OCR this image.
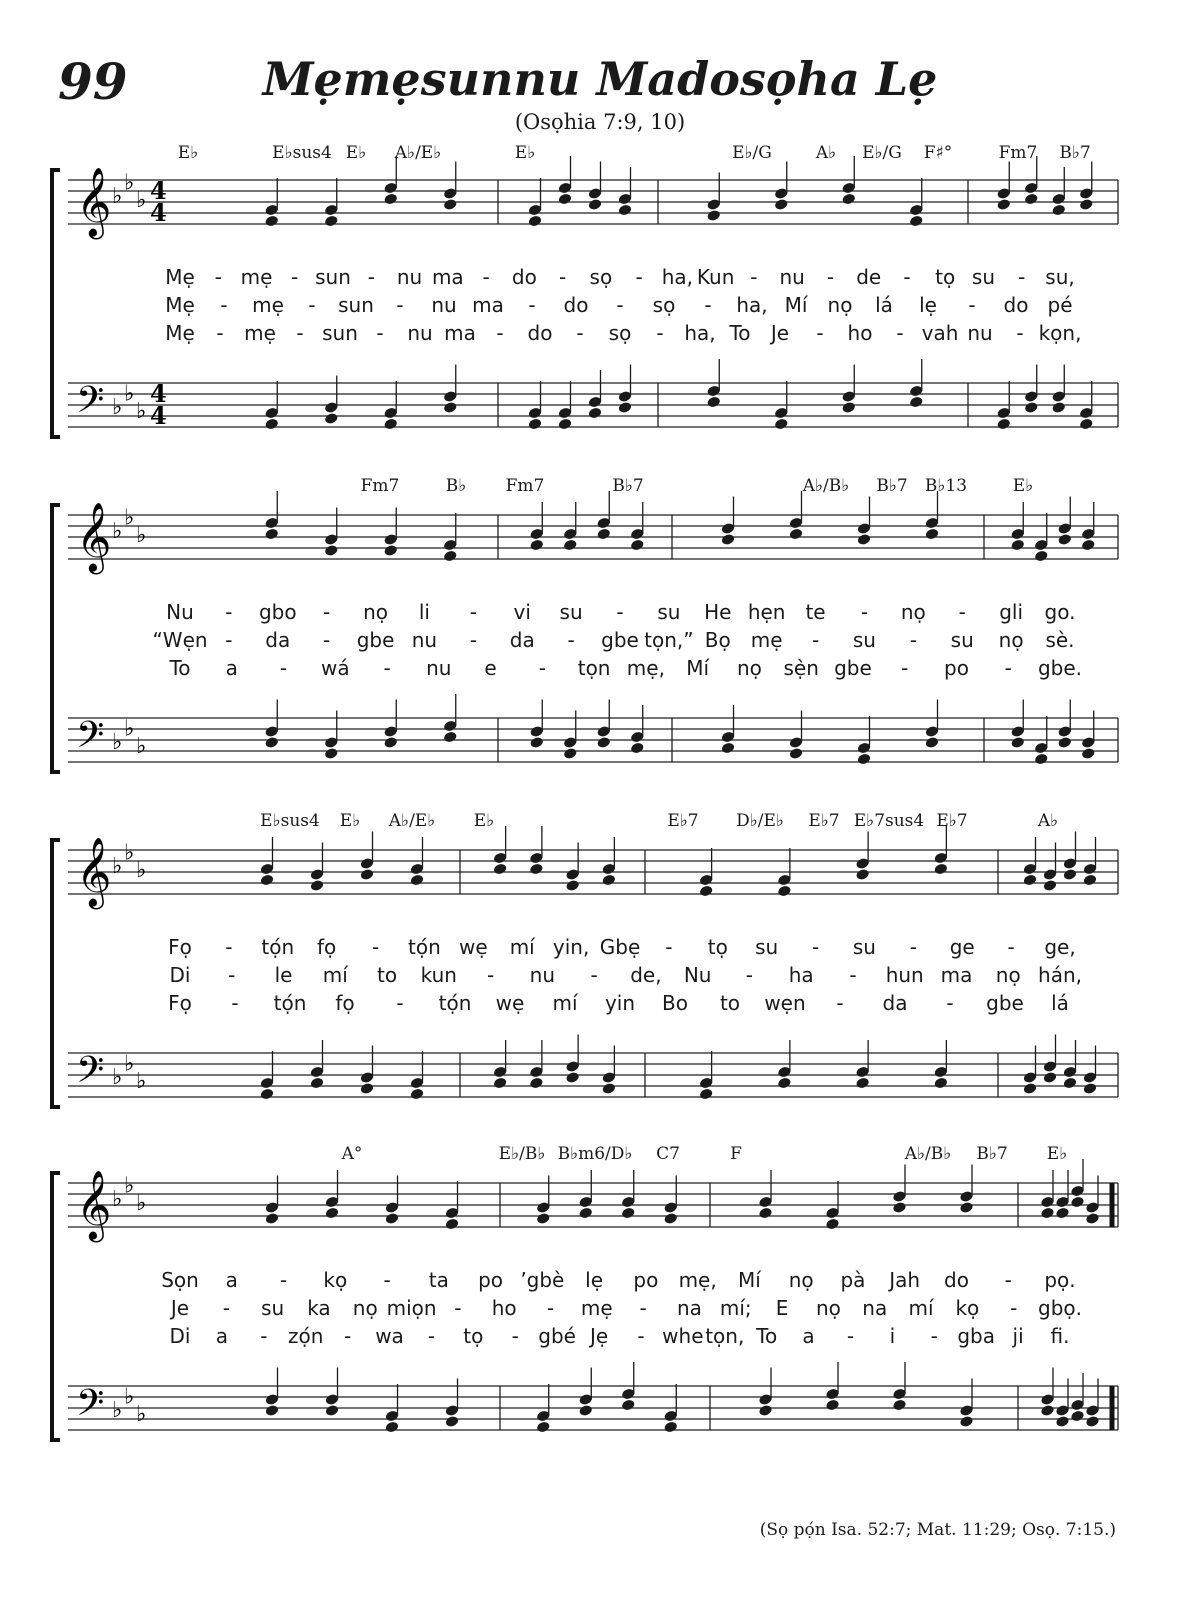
99	Mẹmẹsunnu Madosọha Lẹ
(Osọhia 7:9, 10)
E♭	E♭sus4 E♭ A♭/E♭	E♭	E♭/G	A♭ E♭/G F♯°	Fm7 B♭7
𝄞
𝄢
♭
♭
♭
♭
♭
♭
4
4
4
4
Mẹ - mẹ - sun - nu ma - do - sọ - ha, Kun - nu - de - tọ su - su,
Mẹ - mẹ - sun - nu ma - do - sọ - ha, Mí nọ lá lẹ - do pé
Mẹ - mẹ - sun - nu ma - do - sọ - ha, To Je - ho - vah nu - kọn,
Fm7	B♭ Fm7	B♭7	A♭/B♭ B♭7 B♭13	E♭
𝄞
𝄢
♭
♭
♭
♭
♭
♭
Nu - gbo - nọ li - vi su - su He hẹn te - nọ - gli go.
“Wẹn - da - gbe nu - da - gbe tọn,” Bọ mẹ - su - su nọ sè.
To a - wá - nu e - tọn mẹ, Mí nọ sẹ̀n gbe - po - gbe.
E♭sus4 E♭ A♭/E♭ E♭	E♭7 D♭/E♭ E♭7 E♭7sus4 E♭7	A♭
𝄞
𝄢
♭
♭
♭
♭
♭
♭
Fọ - tọ́n fọ - tọ́n wẹ mí yin, Gbẹ - tọ su - su - ge - ge,
Di - le mí to kun - nu - de, Nu - ha - hun ma nọ hán,
Fọ - tọ́n fọ - tọ́n wẹ mí yin Bo to wẹn - da - gbe lá
A°	E♭/B♭ B♭m6/D♭ C7	F	A♭/B♭ B♭7 E♭
𝄞
𝄢
♭
♭
♭
♭
♭
♭
Sọn a - kọ - ta po ’gbè lẹ po mẹ, Mí nọ pà Jah do - pọ.
Je - su ka nọ miọn - ho - mẹ - na mí; E nọ na mí kọ - gbọ.
Di a - zọ́n - wa - tọ - gbé Jẹ - whe tọn, To a - i - gba ji fi.
(Sọ pọ́n Isa. 52:7; Mat. 11:29; Osọ. 7:15.)
